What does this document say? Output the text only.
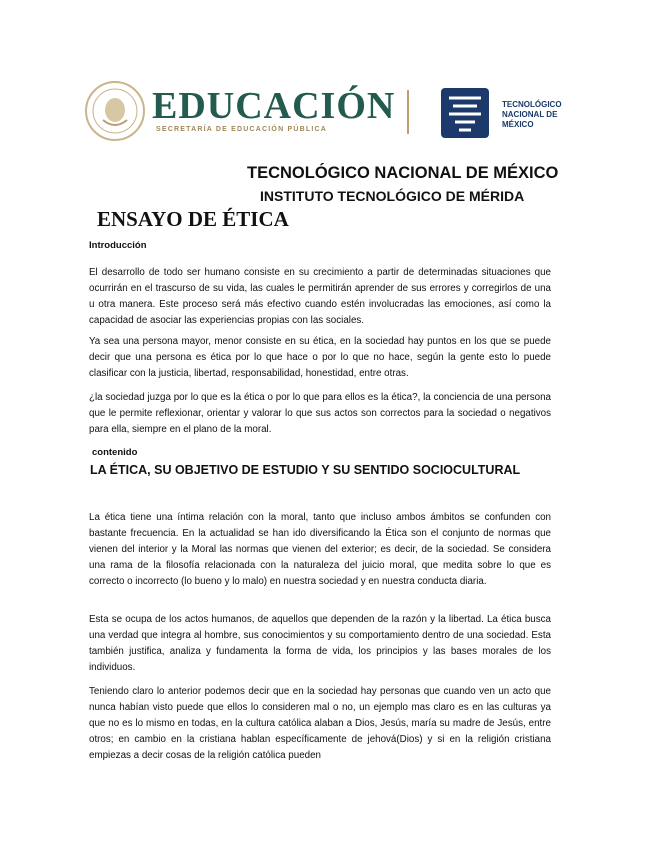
EDUCACIÓN
SECRETARÍA DE EDUCACIÓN PÚBLICA
TECNOLÓGICO NACIONAL DE MÉXICO
TECNOLÓGICO NACIONAL DE MÉXICO
INSTITUTO TECNOLÓGICO DE MÉRIDA
ENSAYO DE ÉTICA
Introducción

El desarrollo de todo ser humano consiste en su crecimiento a partir de determinadas situaciones que ocurrirán en el trascurso de su vida, las cuales le permitirán aprender de sus errores y corregirlos de una u otra manera. Este proceso será más efectivo cuando estén involucradas las emociones, así como la capacidad de asociar las experiencias propias con las sociales.

Ya sea una persona mayor, menor consiste en su ética, en la sociedad hay puntos en los que se puede decir que una persona es ética por lo que hace o por lo que no hace, según la gente esto lo puede clasificar con la justicia, libertad, responsabilidad, honestidad, entre otras.

¿la sociedad juzga por lo que es la ética o por lo que para ellos es la ética?, la conciencia de una persona que le permite reflexionar, orientar y valorar lo que sus actos son correctos para la sociedad o negativos para ella, siempre en el plano de la moral.

contenido
LA ÉTICA, SU OBJETIVO DE ESTUDIO Y SU SENTIDO SOCIOCULTURAL

La ética tiene una íntima relación con la moral, tanto que incluso ambos ámbitos se confunden con bastante frecuencia. En la actualidad se han ido diversificando la Ética son el conjunto de normas que vienen del interior y la Moral las normas que vienen del exterior; es decir, de la sociedad. Se considera una rama de la filosofía relacionada con la naturaleza del juicio moral, que medita sobre lo que es correcto o incorrecto (lo bueno y lo malo) en nuestra sociedad y en nuestra conducta diaria.

Esta se ocupa de los actos humanos, de aquellos que dependen de la razón y la libertad. La ética busca una verdad que integra al hombre, sus conocimientos y su comportamiento dentro de una sociedad. Esta también justifica, analiza y fundamenta la forma de vida, los principios y las bases morales de los individuos.

Teniendo claro lo anterior podemos decir que en la sociedad hay personas que cuando ven un acto que nunca habían visto puede que ellos lo consideren mal o no, un ejemplo mas claro es en las culturas ya que no es lo mismo en todas, en la cultura católica alaban a Dios, Jesús, maría su madre de Jesús, entre otros; en cambio en la cristiana hablan específicamente de jehová(Dios) y si en la religión cristiana empiezas a decir cosas de la religión católica pueden
